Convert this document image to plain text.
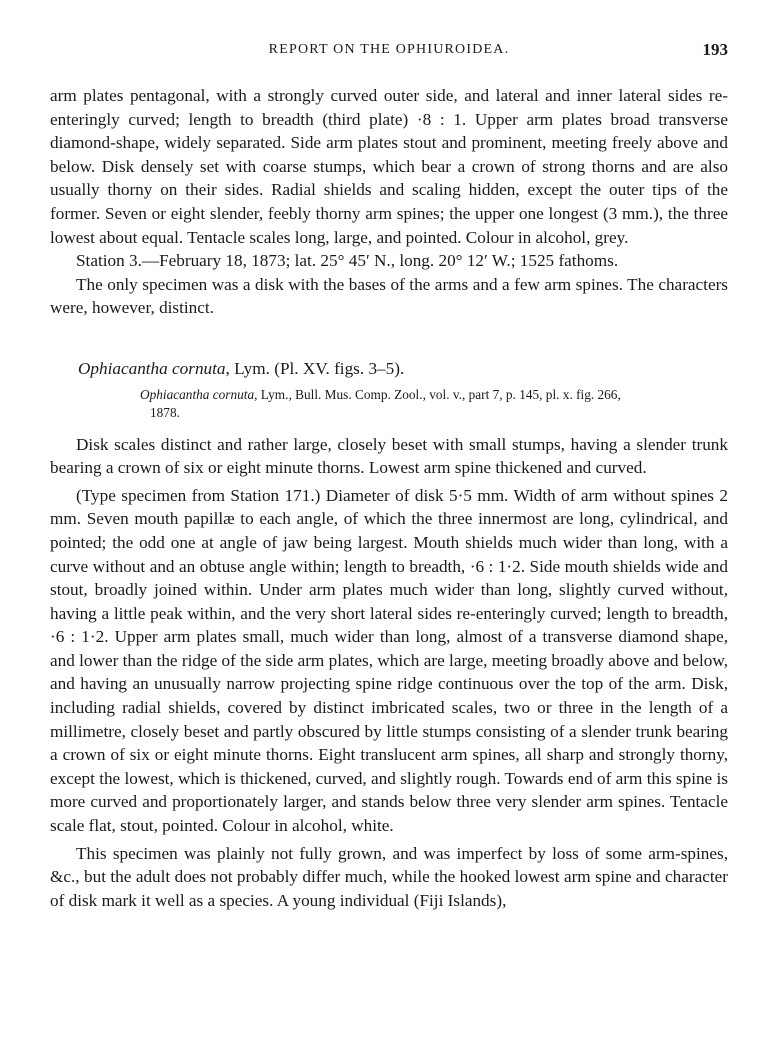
REPORT ON THE OPHIUROIDEA.	193

arm plates pentagonal, with a strongly curved outer side, and lateral and inner lateral sides re-enteringly curved; length to breadth (third plate) ·8 : 1. Upper arm plates broad transverse diamond-shape, widely separated. Side arm plates stout and prominent, meeting freely above and below. Disk densely set with coarse stumps, which bear a crown of strong thorns and are also usually thorny on their sides. Radial shields and scaling hidden, except the outer tips of the former. Seven or eight slender, feebly thorny arm spines; the upper one longest (3 mm.), the three lowest about equal. Tentacle scales long, large, and pointed. Colour in alcohol, grey.

Station 3.—February 18, 1873; lat. 25° 45′ N., long. 20° 12′ W.; 1525 fathoms.

The only specimen was a disk with the bases of the arms and a few arm spines. The characters were, however, distinct.

Ophiacantha cornuta, Lym. (Pl. XV. figs. 3–5).

Ophiacantha cornuta, Lym., Bull. Mus. Comp. Zool., vol. v., part 7, p. 145, pl. x. fig. 266,
1878.

Disk scales distinct and rather large, closely beset with small stumps, having a slender trunk bearing a crown of six or eight minute thorns. Lowest arm spine thickened and curved.

(Type specimen from Station 171.) Diameter of disk 5·5 mm. Width of arm without spines 2 mm. Seven mouth papillæ to each angle, of which the three innermost are long, cylindrical, and pointed; the odd one at angle of jaw being largest. Mouth shields much wider than long, with a curve without and an obtuse angle within; length to breadth, ·6 : 1·2. Side mouth shields wide and stout, broadly joined within. Under arm plates much wider than long, slightly curved without, having a little peak within, and the very short lateral sides re-enteringly curved; length to breadth, ·6 : 1·2. Upper arm plates small, much wider than long, almost of a transverse diamond shape, and lower than the ridge of the side arm plates, which are large, meeting broadly above and below, and having an unusually narrow projecting spine ridge continuous over the top of the arm. Disk, including radial shields, covered by distinct imbricated scales, two or three in the length of a millimetre, closely beset and partly obscured by little stumps consisting of a slender trunk bearing a crown of six or eight minute thorns. Eight translucent arm spines, all sharp and strongly thorny, except the lowest, which is thickened, curved, and slightly rough. Towards end of arm this spine is more curved and proportionately larger, and stands below three very slender arm spines. Tentacle scale flat, stout, pointed. Colour in alcohol, white.

This specimen was plainly not fully grown, and was imperfect by loss of some arm-spines, &c., but the adult does not probably differ much, while the hooked lowest arm spine and character of disk mark it well as a species. A young individual (Fiji Islands),
